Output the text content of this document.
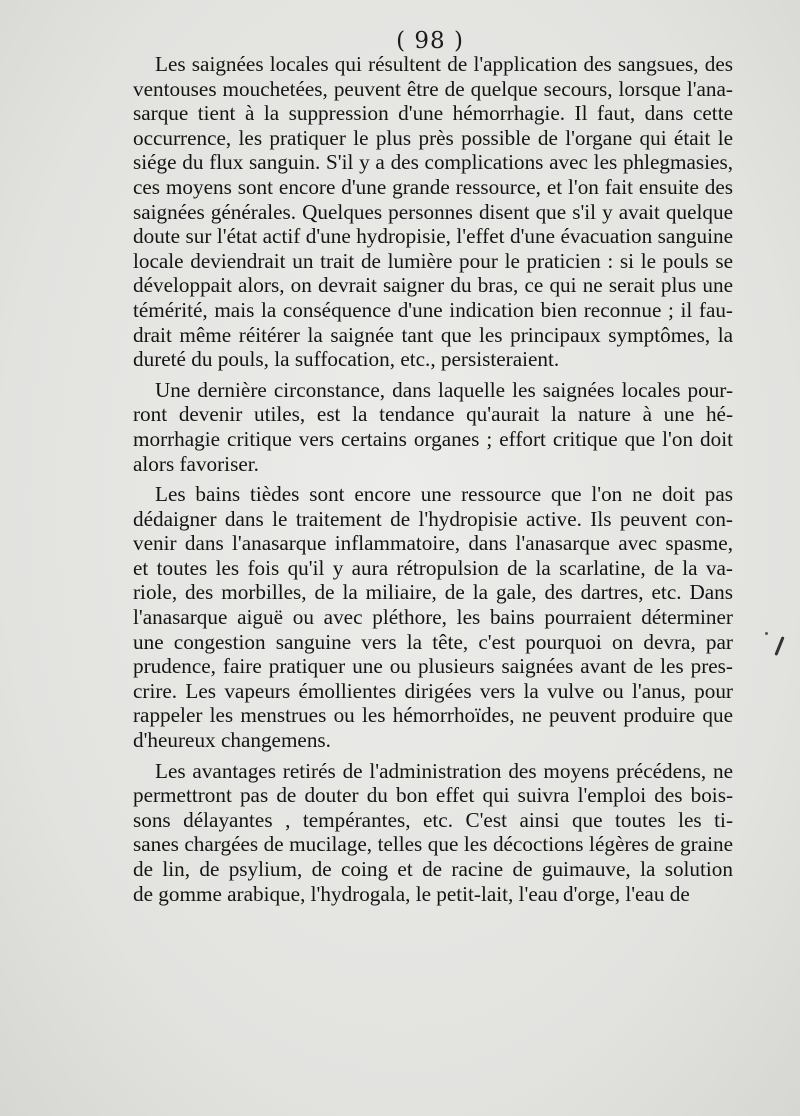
( 98 )
Les saignées locales qui résultent de l'application des sangsues, des
ventouses mouchetées, peuvent être de quelque secours, lorsque l'ana-
sarque tient à la suppression d'une hémorrhagie. Il faut, dans cette
occurrence, les pratiquer le plus près possible de l'organe qui était le
siége du flux sanguin. S'il y a des complications avec les phlegmasies,
ces moyens sont encore d'une grande ressource, et l'on fait ensuite des
saignées générales. Quelques personnes disent que s'il y avait quelque
doute sur l'état actif d'une hydropisie, l'effet d'une évacuation sanguine
locale deviendrait un trait de lumière pour le praticien : si le pouls se
développait alors, on devrait saigner du bras, ce qui ne serait plus une
témérité, mais la conséquence d'une indication bien reconnue ; il fau-
drait même réitérer la saignée tant que les principaux symptômes, la
dureté du pouls, la suffocation, etc., persisteraient.
Une dernière circonstance, dans laquelle les saignées locales pour-
ront devenir utiles, est la tendance qu'aurait la nature à une hé-
morrhagie critique vers certains organes ; effort critique que l'on doit
alors favoriser.
Les bains tièdes sont encore une ressource que l'on ne doit pas
dédaigner dans le traitement de l'hydropisie active. Ils peuvent con-
venir dans l'anasarque inflammatoire, dans l'anasarque avec spasme,
et toutes les fois qu'il y aura rétropulsion de la scarlatine, de la va-
riole, des morbilles, de la miliaire, de la gale, des dartres, etc. Dans
l'anasarque aiguë ou avec pléthore, les bains pourraient déterminer
une congestion sanguine vers la tête, c'est pourquoi on devra, par
prudence, faire pratiquer une ou plusieurs saignées avant de les pres-
crire. Les vapeurs émollientes dirigées vers la vulve ou l'anus, pour
rappeler les menstrues ou les hémorrhoïdes, ne peuvent produire que
d'heureux changemens.
Les avantages retirés de l'administration des moyens précédens, ne
permettront pas de douter du bon effet qui suivra l'emploi des bois-
sons délayantes , tempérantes, etc. C'est ainsi que toutes les ti-
sanes chargées de mucilage, telles que les décoctions légères de graine
de lin, de psylium, de coing et de racine de guimauve, la solution
de gomme arabique, l'hydrogala, le petit-lait, l'eau d'orge, l'eau de
